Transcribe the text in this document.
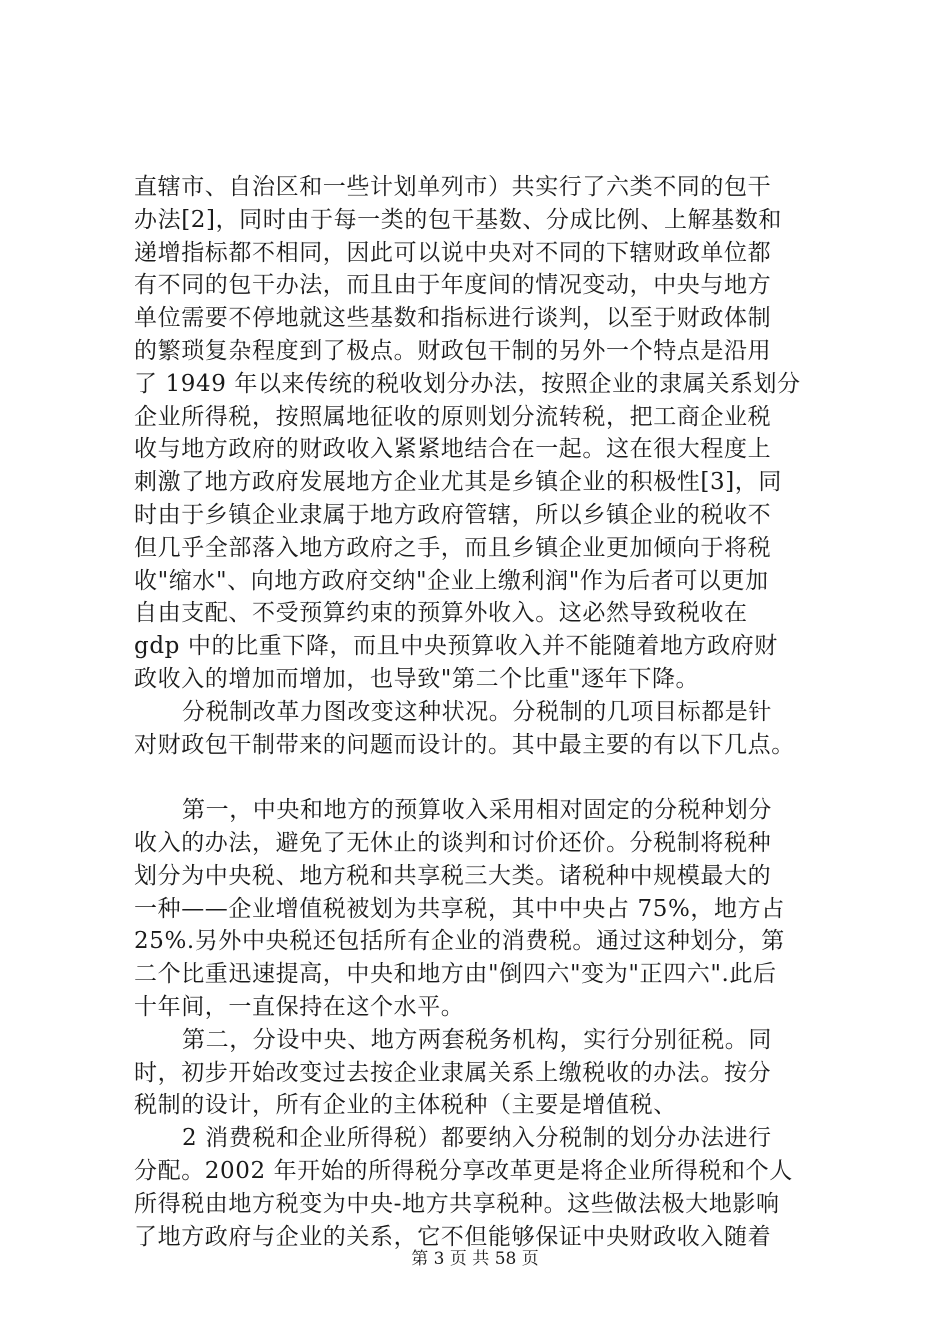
直辖市、自治区和一些计划单列市）共实行了六类不同的包干
办法[2]，同时由于每一类的包干基数、分成比例、上解基数和
递增指标都不相同，因此可以说中央对不同的下辖财政单位都
有不同的包干办法，而且由于年度间的情况变动，中央与地方
单位需要不停地就这些基数和指标进行谈判，以至于财政体制
的繁琐复杂程度到了极点。财政包干制的另外一个特点是沿用
了 1949 年以来传统的税收划分办法，按照企业的隶属关系划分
企业所得税，按照属地征收的原则划分流转税，把工商企业税
收与地方政府的财政收入紧紧地结合在一起。这在很大程度上
刺激了地方政府发展地方企业尤其是乡镇企业的积极性[3]，同
时由于乡镇企业隶属于地方政府管辖，所以乡镇企业的税收不
但几乎全部落入地方政府之手，而且乡镇企业更加倾向于将税
收"缩水"、向地方政府交纳"企业上缴利润"作为后者可以更加
自由支配、不受预算约束的预算外收入。这必然导致税收在
gdp 中的比重下降，而且中央预算收入并不能随着地方政府财
政收入的增加而增加，也导致"第二个比重"逐年下降。
分税制改革力图改变这种状况。分税制的几项目标都是针
对财政包干制带来的问题而设计的。其中最主要的有以下几点。
第一，中央和地方的预算收入采用相对固定的分税种划分
收入的办法，避免了无休止的谈判和讨价还价。分税制将税种
划分为中央税、地方税和共享税三大类。诸税种中规模最大的
一种——企业增值税被划为共享税，其中中央占 75%，地方占
25%.另外中央税还包括所有企业的消费税。通过这种划分，第
二个比重迅速提高，中央和地方由"倒四六"变为"正四六".此后
十年间，一直保持在这个水平。
第二，分设中央、地方两套税务机构，实行分别征税。同
时，初步开始改变过去按企业隶属关系上缴税收的办法。按分
税制的设计，所有企业的主体税种（主要是增值税、
2 消费税和企业所得税）都要纳入分税制的划分办法进行
分配。2002 年开始的所得税分享改革更是将企业所得税和个人
所得税由地方税变为中央-地方共享税种。这些做法极大地影响
了地方政府与企业的关系，它不但能够保证中央财政收入随着
第 3 页 共 58 页
